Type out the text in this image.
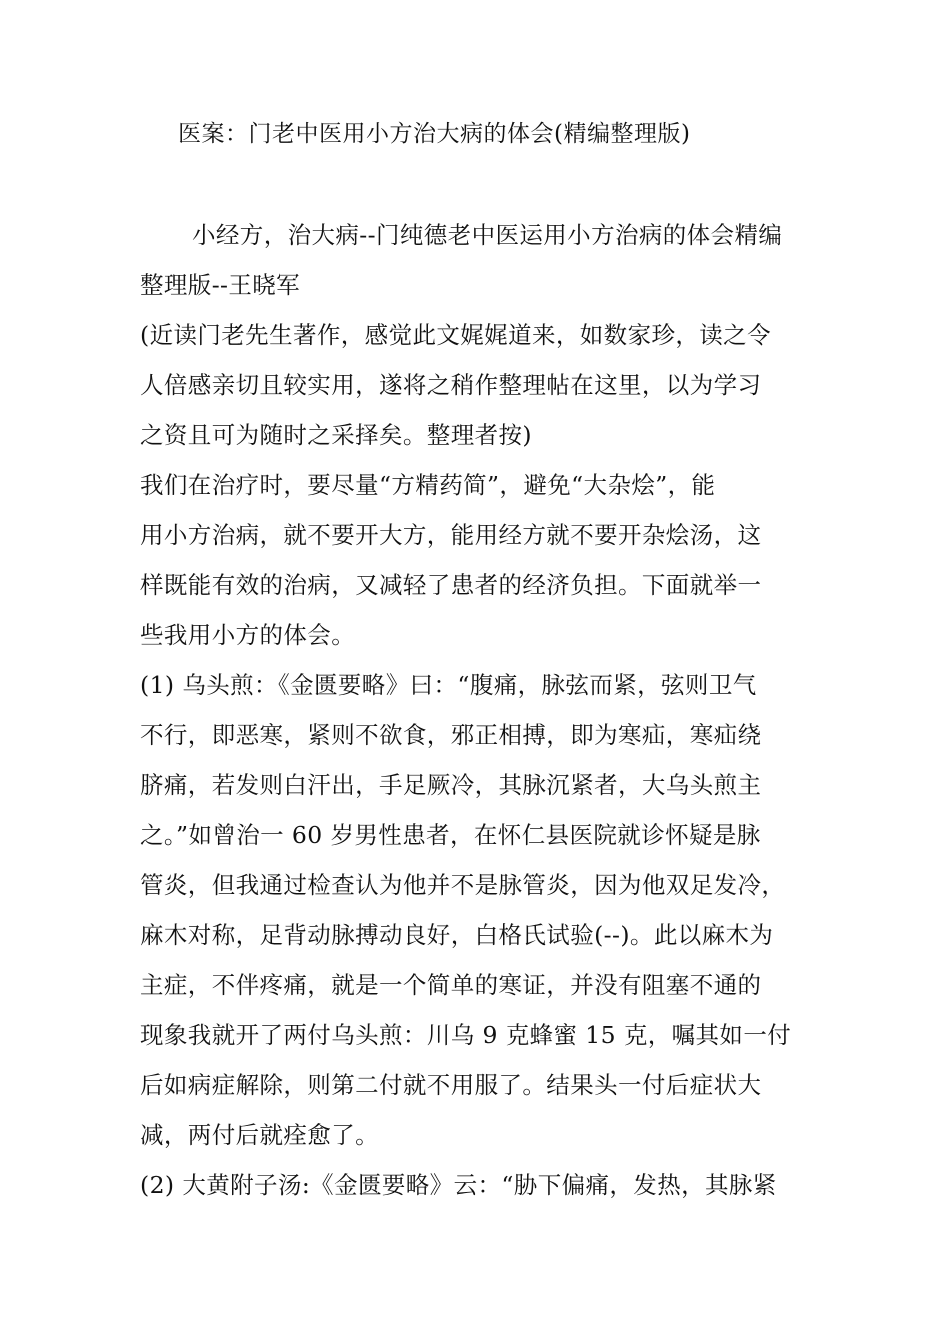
医案：门老中医用小方治大病的体会(精编整理版)
小经方，治大病--门纯德老中医运用小方治病的体会精编
整理版--王晓军
(近读门老先生著作，感觉此文娓娓道来，如数家珍，读之令
人倍感亲切且较实用，遂将之稍作整理帖在这里，以为学习
之资且可为随时之采择矣。整理者按)
我们在治疗时，要尽量“方精药简”，避免“大杂烩”，能
用小方治病，就不要开大方，能用经方就不要开杂烩汤，这
样既能有效的治病，又减轻了患者的经济负担。下面就举一
些我用小方的体会。
(1) 乌头煎：《金匮要略》曰：“腹痛，脉弦而紧，弦则卫气
不行，即恶寒，紧则不欲食，邪正相搏，即为寒疝，寒疝绕
脐痛，若发则白汗出，手足厥冷，其脉沉紧者，大乌头煎主
之。”如曾治一 60 岁男性患者，在怀仁县医院就诊怀疑是脉
管炎，但我通过检查认为他并不是脉管炎，因为他双足发冷，
麻木对称，足背动脉搏动良好，白格氏试验(--)。此以麻木为
主症，不伴疼痛，就是一个简单的寒证，并没有阻塞不通的
现象我就开了两付乌头煎：川乌 9 克蜂蜜 15 克，嘱其如一付
后如病症解除，则第二付就不用服了。结果头一付后症状大
减，两付后就痊愈了。
(2) 大黄附子汤:《金匮要略》云：“胁下偏痛，发热，其脉紧
